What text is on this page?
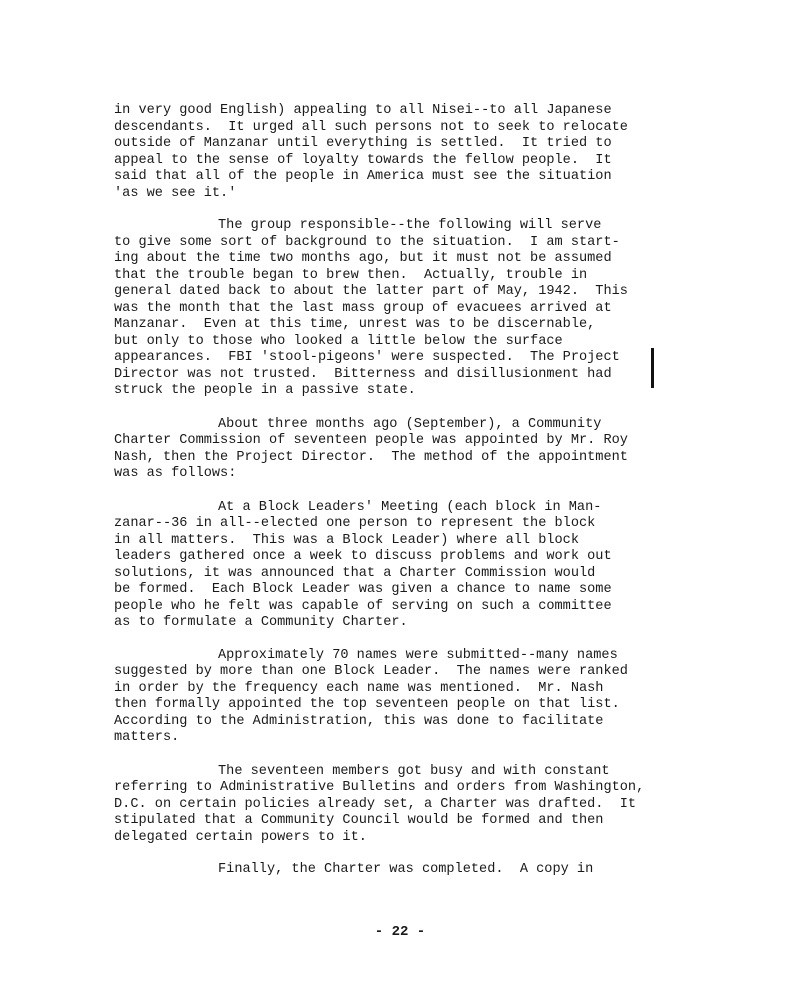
in very good English) appealing to all Nisei--to all Japanese
descendants.  It urged all such persons not to seek to relocate
outside of Manzanar until everything is settled.  It tried to
appeal to the sense of loyalty towards the fellow people.  It
said that all of the people in America must see the situation
'as we see it.'
The group responsible--the following will serve
to give some sort of background to the situation.  I am start-
ing about the time two months ago, but it must not be assumed
that the trouble began to brew then.  Actually, trouble in
general dated back to about the latter part of May, 1942.  This
was the month that the last mass group of evacuees arrived at
Manzanar.  Even at this time, unrest was to be discernable,
but only to those who looked a little below the surface
appearances.  FBI 'stool-pigeons' were suspected.  The Project
Director was not trusted.  Bitterness and disillusionment had
struck the people in a passive state.
About three months ago (September), a Community
Charter Commission of seventeen people was appointed by Mr. Roy
Nash, then the Project Director.  The method of the appointment
was as follows:
At a Block Leaders' Meeting (each block in Man-
zanar--36 in all--elected one person to represent the block
in all matters.  This was a Block Leader) where all block
leaders gathered once a week to discuss problems and work out
solutions, it was announced that a Charter Commission would
be formed.  Each Block Leader was given a chance to name some
people who he felt was capable of serving on such a committee
as to formulate a Community Charter.
Approximately 70 names were submitted--many names
suggested by more than one Block Leader.  The names were ranked
in order by the frequency each name was mentioned.  Mr. Nash
then formally appointed the top seventeen people on that list.
According to the Administration, this was done to facilitate
matters.
The seventeen members got busy and with constant
referring to Administrative Bulletins and orders from Washington,
D.C. on certain policies already set, a Charter was drafted.  It
stipulated that a Community Council would be formed and then
delegated certain powers to it.
Finally, the Charter was completed.  A copy in
- 22 -
